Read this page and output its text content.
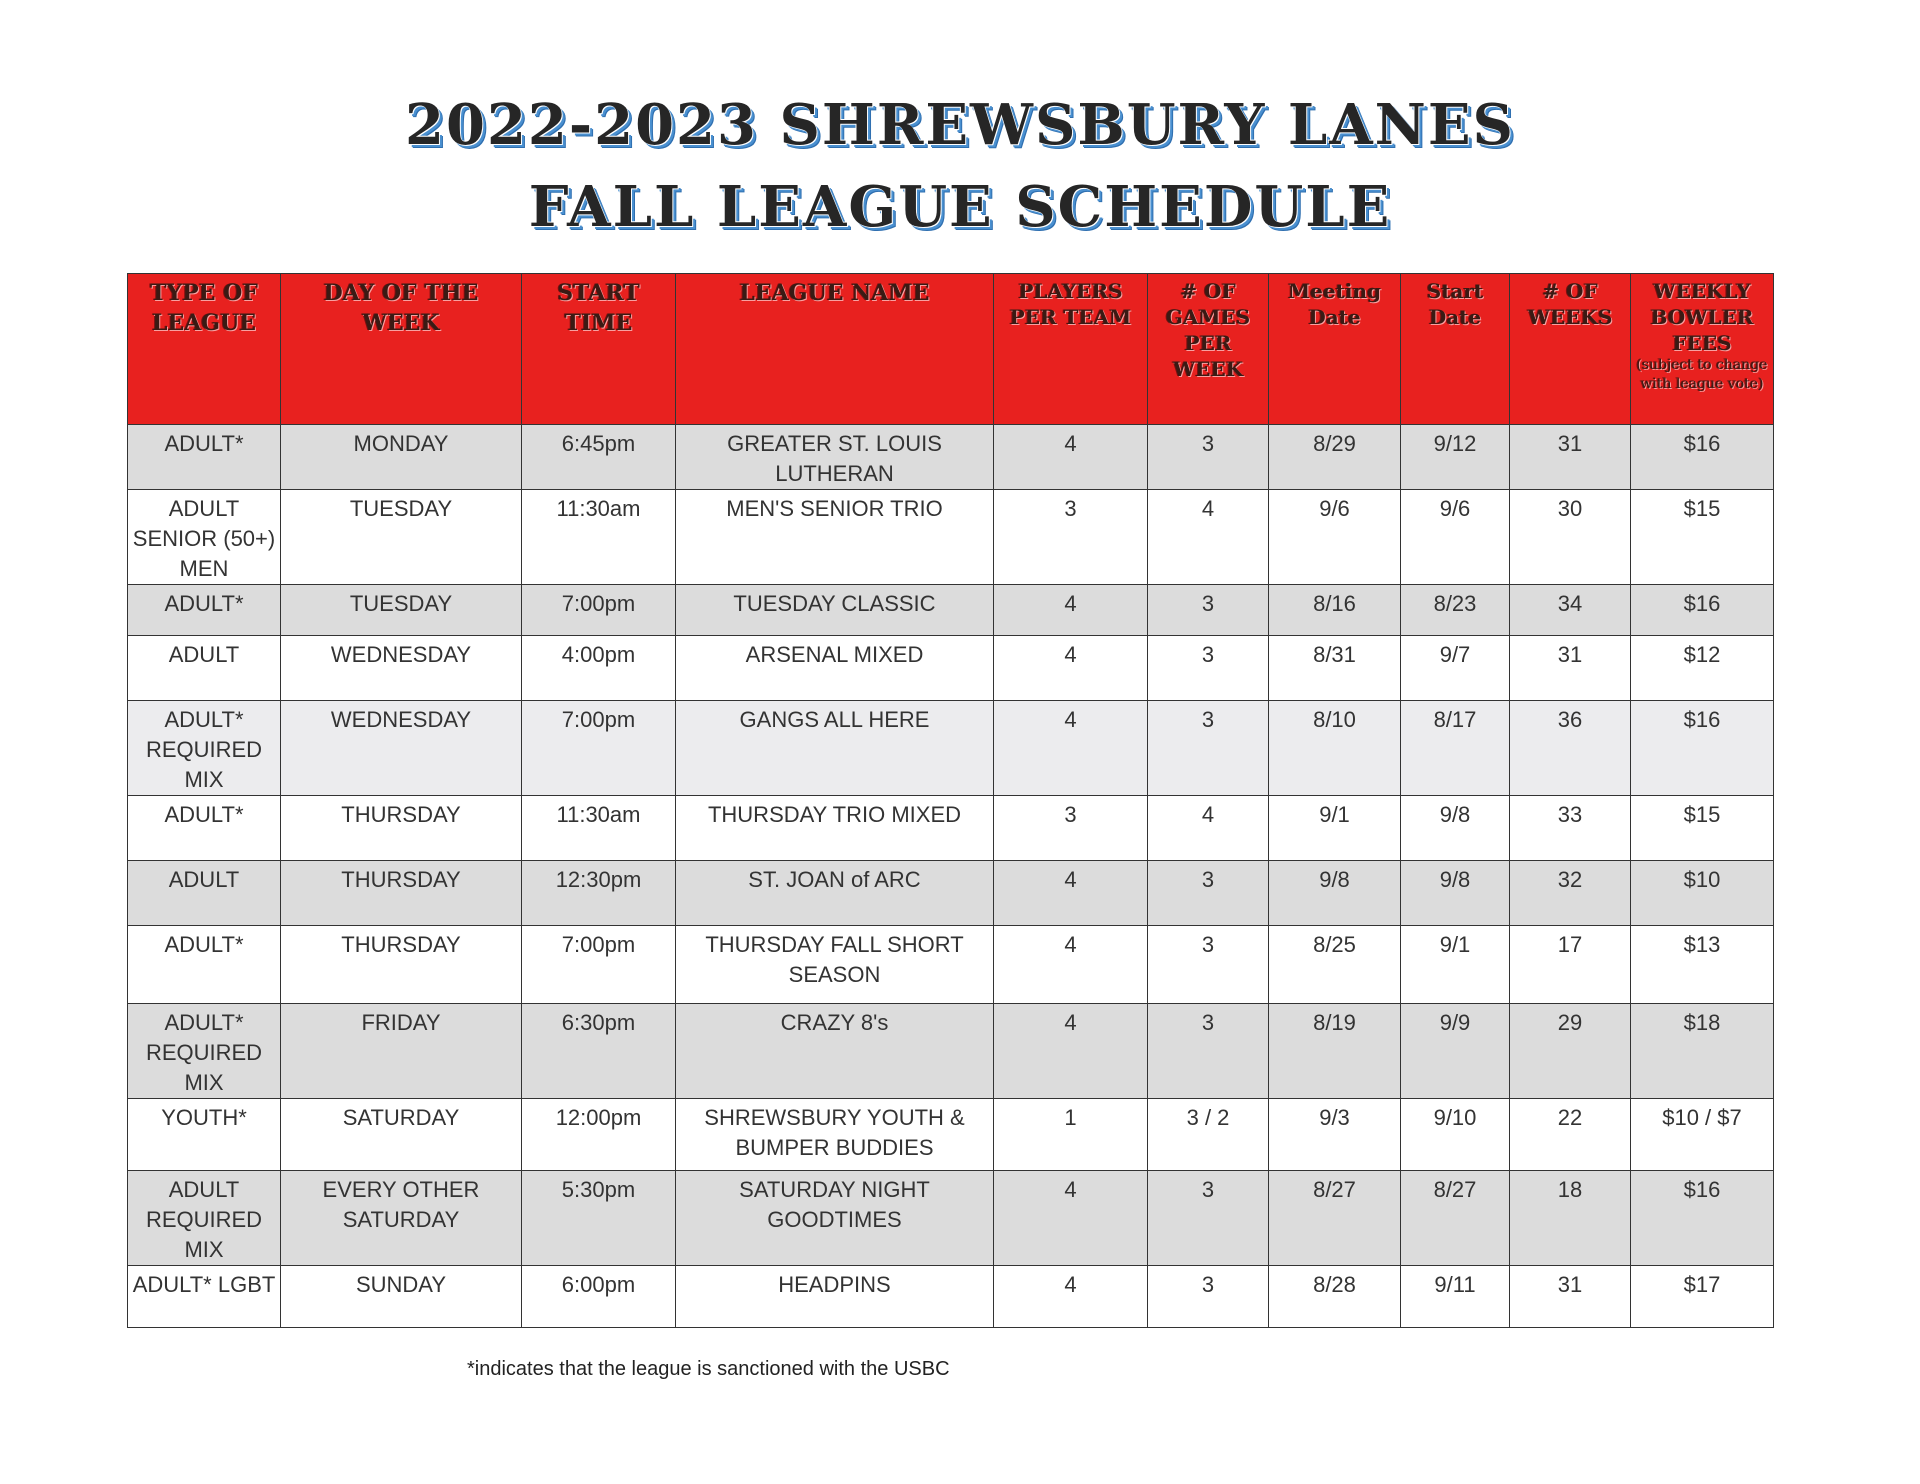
2022-2023 SHREWSBURY LANES
FALL LEAGUE SCHEDULE
TYPE OF LEAGUE	DAY OF THE WEEK	START TIME	LEAGUE NAME	PLAYERS PER TEAM	# OF GAMES PER WEEK	Meeting Date	Start Date	# OF WEEKS	WEEKLY BOWLER FEES
(subject to change with league vote)

ADULT*	MONDAY	6:45pm	GREATER ST. LOUIS LUTHERAN	4	3	8/29	9/12	31	$16
ADULT SENIOR (50+) MEN	TUESDAY	11:30am	MEN'S SENIOR TRIO	3	4	9/6	9/6	30	$15
ADULT*	TUESDAY	7:00pm	TUESDAY CLASSIC	4	3	8/16	8/23	34	$16
ADULT	WEDNESDAY	4:00pm	ARSENAL MIXED	4	3	8/31	9/7	31	$12
ADULT* REQUIRED MIX	WEDNESDAY	7:00pm	GANGS ALL HERE	4	3	8/10	8/17	36	$16
ADULT*	THURSDAY	11:30am	THURSDAY TRIO MIXED	3	4	9/1	9/8	33	$15
ADULT	THURSDAY	12:30pm	ST. JOAN of ARC	4	3	9/8	9/8	32	$10
ADULT*	THURSDAY	7:00pm	THURSDAY FALL SHORT SEASON	4	3	8/25	9/1	17	$13
ADULT* REQUIRED MIX	FRIDAY	6:30pm	CRAZY 8's	4	3	8/19	9/9	29	$18
YOUTH*	SATURDAY	12:00pm	SHREWSBURY YOUTH & BUMPER BUDDIES	1	3 / 2	9/3	9/10	22	$10 / $7
ADULT REQUIRED MIX	EVERY OTHER SATURDAY	5:30pm	SATURDAY NIGHT GOODTIMES	4	3	8/27	8/27	18	$16
ADULT* LGBT	SUNDAY	6:00pm	HEADPINS	4	3	8/28	9/11	31	$17
*indicates that the league is sanctioned with the USBC
